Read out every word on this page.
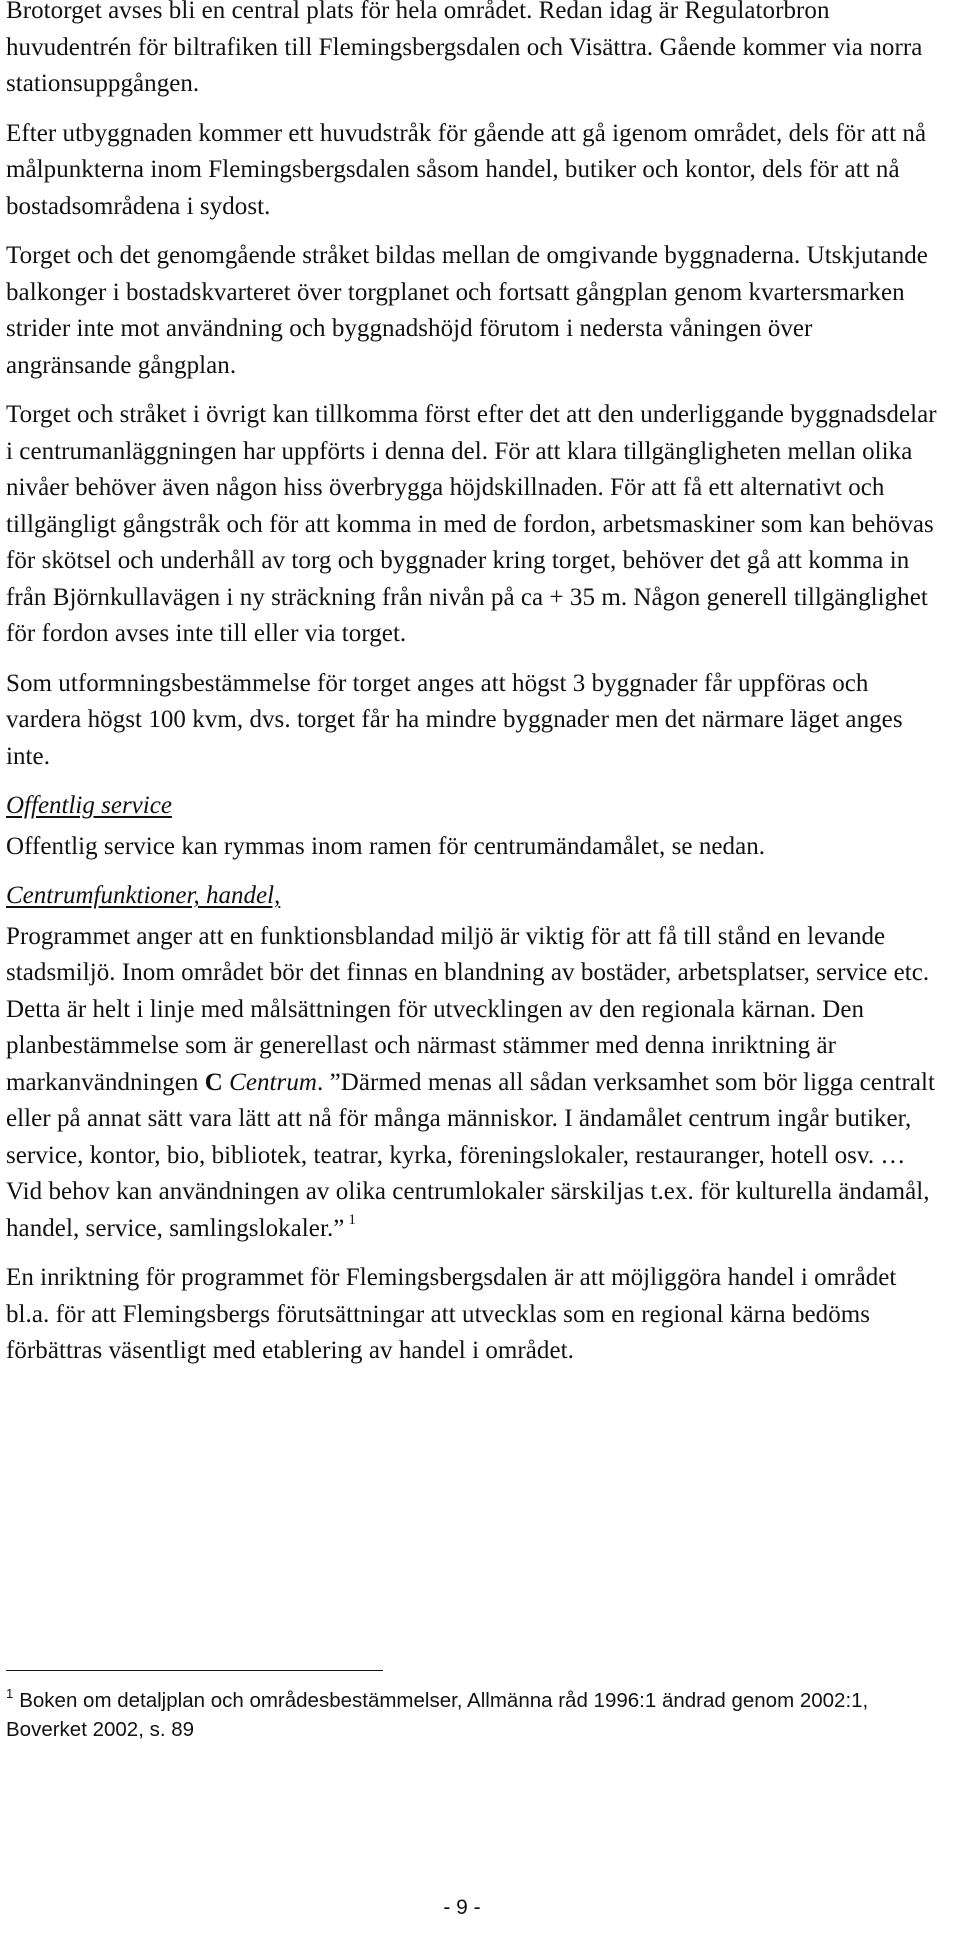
Brotorget avses bli en central plats för hela området. Redan idag är Regulatorbron huvudentrén för biltrafiken till Flemingsbergsdalen och Visättra. Gående kommer via norra stationsuppgången.

Efter utbyggnaden kommer ett huvudstråk för gående att gå igenom området, dels för att nå målpunkterna inom Flemingsbergsdalen såsom handel, butiker och kontor, dels för att nå bostadsområdena i sydost.

Torget och det genomgående stråket bildas mellan de omgivande byggnaderna. Utskjutande balkonger i bostadskvarteret över torgplanet och fortsatt gångplan genom kvartersmarken strider inte mot användning och byggnadshöjd förutom i nedersta våningen över angränsande gångplan.

Torget och stråket i övrigt kan tillkomma först efter det att den underliggande byggnadsdelar i centrumanläggningen har uppförts i denna del. För att klara tillgängligheten mellan olika nivåer behöver även någon hiss överbrygga höjdskillnaden. För att få ett alternativt och tillgängligt gångstråk och för att komma in med de fordon, arbetsmaskiner som kan behövas för skötsel och underhåll av torg och byggnader kring torget, behöver det gå att komma in från Björnkullavägen i ny sträckning från nivån på ca + 35 m. Någon generell tillgänglighet för fordon avses inte till eller via torget.

Som utformningsbestämmelse för torget anges att högst 3 byggnader får uppföras och vardera högst 100 kvm, dvs. torget får ha mindre byggnader men det närmare läget anges inte.

Offentlig service

Offentlig service kan rymmas inom ramen för centrumändamålet, se nedan.

Centrumfunktioner, handel,

Programmet anger att en funktionsblandad miljö är viktig för att få till stånd en levande stadsmiljö. Inom området bör det finnas en blandning av bostäder, arbetsplatser, service etc. Detta är helt i linje med målsättningen för utvecklingen av den regionala kärnan. Den planbestämmelse som är generellast och närmast stämmer med denna inriktning är markanvändningen C Centrum. ”Därmed menas all sådan verksamhet som bör ligga centralt eller på annat sätt vara lätt att nå för många människor. I ändamålet centrum ingår butiker, service, kontor, bio, bibliotek, teatrar, kyrka, föreningslokaler, restauranger, hotell osv. … Vid behov kan användningen av olika centrumlokaler särskiljas t.ex. för kulturella ändamål, handel, service, samlingslokaler.” $^1$

En inriktning för programmet för Flemingsbergsdalen är att möjliggöra handel i området bl.a. för att Flemingsbergs förutsättningar att utvecklas som en regional kärna bedöms förbättras väsentligt med etablering av handel i området.

$^1$ Boken om detaljplan och områdesbestämmelser, Allmänna råd 1996:1 ändrad genom 2002:1, Boverket 2002, s. 89
- 9 -
